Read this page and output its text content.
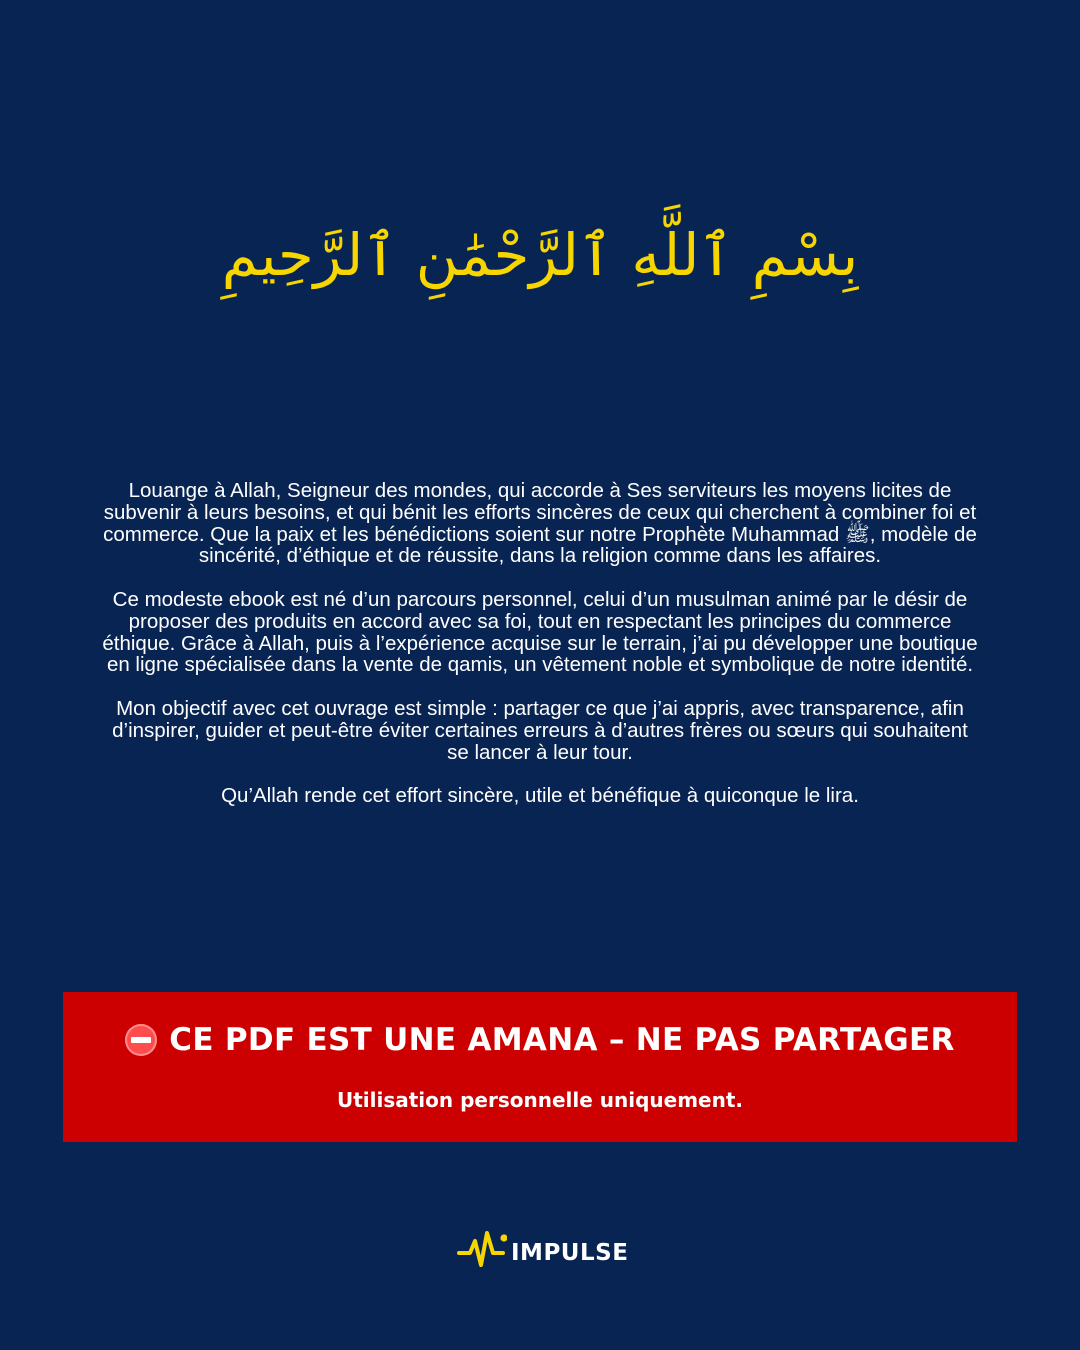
بِسْمِ ٱللَّهِ ٱلرَّحْمَٰنِ ٱلرَّحِيمِ

Louange à Allah, Seigneur des mondes, qui accorde à Ses serviteurs les moyens licites de subvenir à leurs besoins, et qui bénit les efforts sincères de ceux qui cherchent à combiner foi et commerce. Que la paix et les bénédictions soient sur notre Prophète Muhammad ﷺ, modèle de sincérité, d’éthique et de réussite, dans la religion comme dans les affaires.

Ce modeste ebook est né d’un parcours personnel, celui d’un musulman animé par le désir de proposer des produits en accord avec sa foi, tout en respectant les principes du commerce éthique. Grâce à Allah, puis à l’expérience acquise sur le terrain, j’ai pu développer une boutique en ligne spécialisée dans la vente de qamis, un vêtement noble et symbolique de notre identité.

Mon objectif avec cet ouvrage est simple : partager ce que j’ai appris, avec transparence, afin d’inspirer, guider et peut-être éviter certaines erreurs à d’autres frères ou sœurs qui souhaitent se lancer à leur tour.

Qu’Allah rende cet effort sincère, utile et bénéfique à quiconque le lira.

CE PDF EST UNE AMANA – NE PAS PARTAGER
Utilisation personnelle uniquement.
IMPULSE
